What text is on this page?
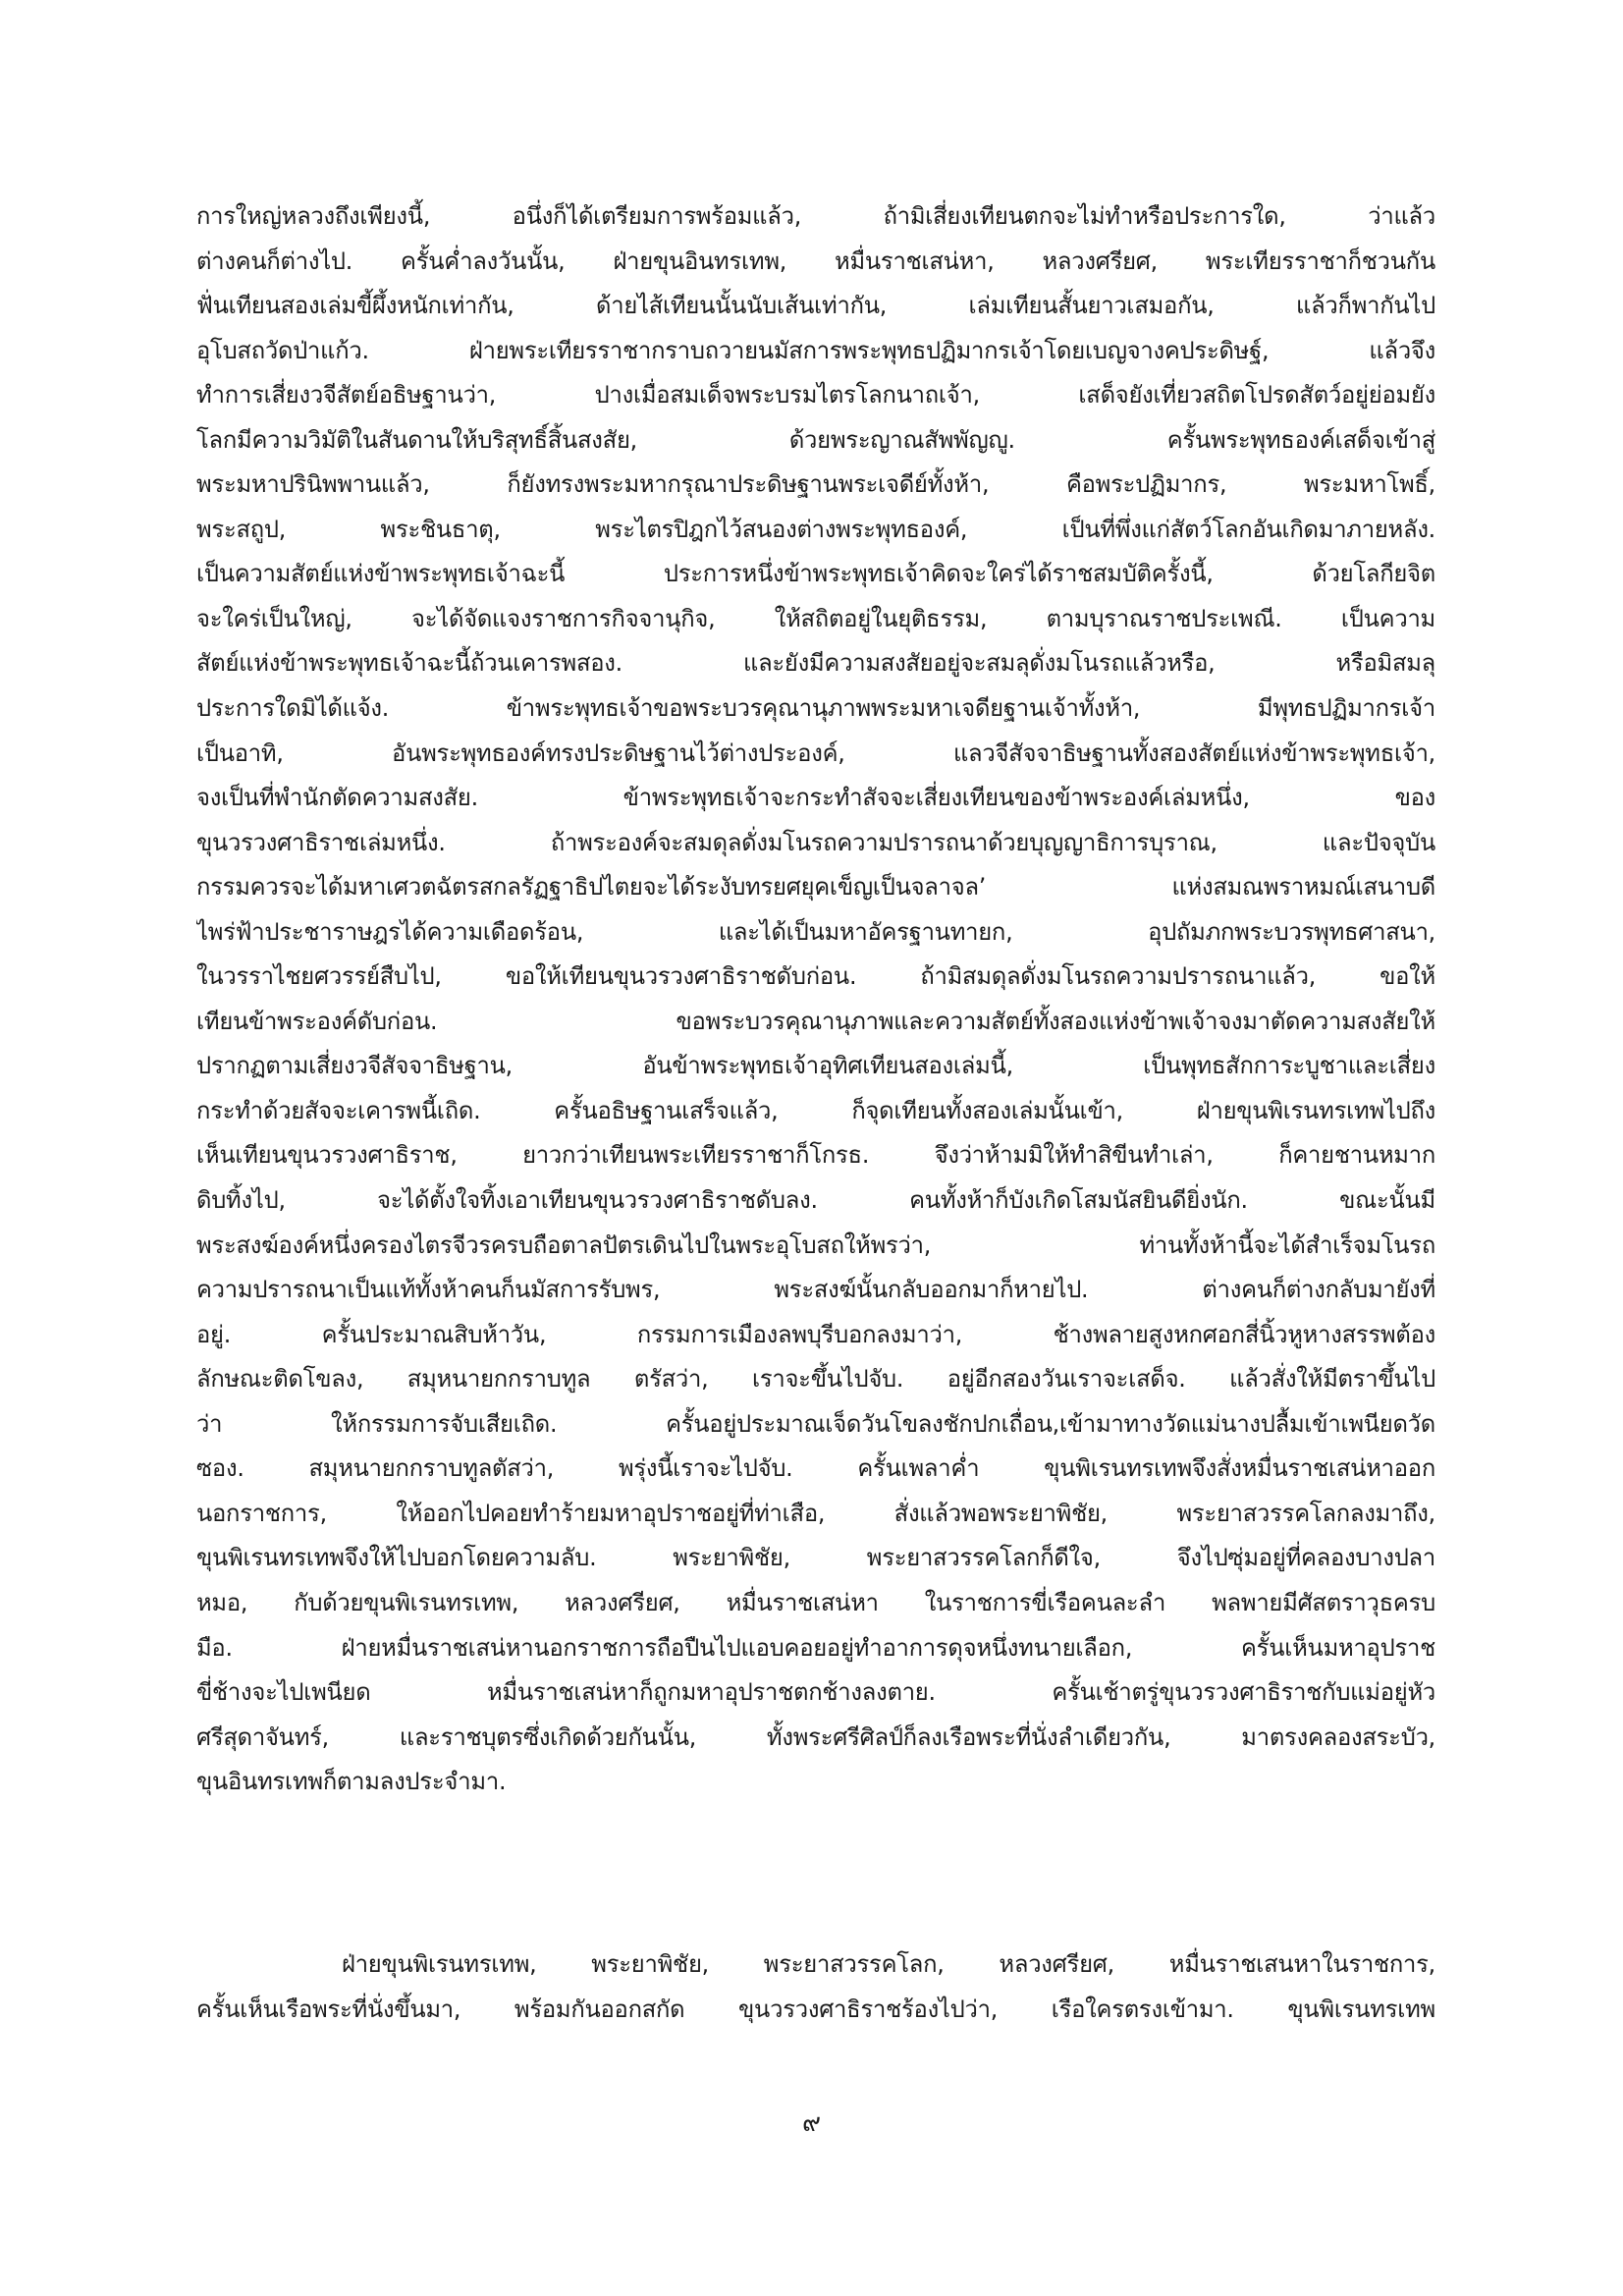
การใหญ่หลวงถึงเพียงนี้, อนึ่งก็ได้เตรียมการพร้อมแล้ว, ถ้ามิเสี่ยงเทียนตกจะไม่ทำหรือประการใด, ว่าแล้ว
ต่างคนก็ต่างไป. ครั้นค่ำลงวันนั้น, ฝ่ายขุนอินทรเทพ, หมื่นราชเสน่หา, หลวงศรียศ, พระเทียรราชาก็ชวนกัน
ฟั่นเทียนสองเล่มขี้ผึ้งหนักเท่ากัน, ด้ายไส้เทียนนั้นนับเส้นเท่ากัน, เล่มเทียนสั้นยาวเสมอกัน, แล้วก็พากันไป
อุโบสถวัดป่าแก้ว. ฝ่ายพระเทียรราชากราบถวายนมัสการพระพุทธปฏิมากรเจ้าโดยเบญจางคประดิษฐ์, แล้วจึง
ทำการเสี่ยงวจีสัตย์อธิษฐานว่า, ปางเมื่อสมเด็จพระบรมไตรโลกนาถเจ้า, เสด็จยังเที่ยวสถิตโปรดสัตว์อยู่ย่อมยัง
โลกมีความวิมัติในสันดานให้บริสุทธิ์สิ้นสงสัย, ด้วยพระญาณสัพพัญญู. ครั้นพระพุทธองค์เสด็จเข้าสู่
พระมหาปรินิพพานแล้ว, ก็ยังทรงพระมหากรุณาประดิษฐานพระเจดีย์ทั้งห้า, คือพระปฏิมากร, พระมหาโพธิ์,
พระสถูป, พระชินธาตุ, พระไตรปิฎกไว้สนองต่างพระพุทธองค์, เป็นที่พึ่งแก่สัตว์โลกอันเกิดมาภายหลัง.
เป็นความสัตย์แห่งข้าพระพุทธเจ้าฉะนี้ ประการหนึ่งข้าพระพุทธเจ้าคิดจะใคร่ได้ราชสมบัติครั้งนี้, ด้วยโลกียจิต
จะใคร่เป็นใหญ่, จะได้จัดแจงราชการกิจจานุกิจ, ให้สถิตอยู่ในยุติธรรม, ตามบุราณราชประเพณี. เป็นความ
สัตย์แห่งข้าพระพุทธเจ้าฉะนี้ถ้วนเคารพสอง. และยังมีความสงสัยอยู่จะสมลุดั่งมโนรถแล้วหรือ, หรือมิสมลุ
ประการใดมิได้แจ้ง. ข้าพระพุทธเจ้าขอพระบวรคุณานุภาพพระมหาเจดียฐานเจ้าทั้งห้า, มีพุทธปฏิมากรเจ้า
เป็นอาทิ, อันพระพุทธองค์ทรงประดิษฐานไว้ต่างประองค์, แลวจีสัจจาธิษฐานทั้งสองสัตย์แห่งข้าพระพุทธเจ้า,
จงเป็นที่พำนักตัดความสงสัย. ข้าพระพุทธเจ้าจะกระทำสัจจะเสี่ยงเทียนของข้าพระองค์เล่มหนึ่ง, ของ
ขุนวรวงศาธิราชเล่มหนึ่ง. ถ้าพระองค์จะสมดุลดั่งมโนรถความปรารถนาด้วยบุญญาธิการบุราณ, และปัจจุบัน
กรรมควรจะได้มหาเศวตฉัตรสกลรัฏฐาธิปไตยจะได้ระงับทรยศยุคเข็ญเป็นจลาจล’ แห่งสมณพราหมณ์เสนาบดี
ไพร่ฟ้าประชาราษฎรได้ความเดือดร้อน, และได้เป็นมหาอัครฐานทายก, อุปถัมภกพระบวรพุทธศาสนา,
ในวรราไชยศวรรย์สืบไป, ขอให้เทียนขุนวรวงศาธิราชดับก่อน. ถ้ามิสมดุลดั่งมโนรถความปรารถนาแล้ว, ขอให้
เทียนข้าพระองค์ดับก่อน. ขอพระบวรคุณานุภาพและความสัตย์ทั้งสองแห่งข้าพเจ้าจงมาตัดความสงสัยให้
ปรากฏตามเสี่ยงวจีสัจจาธิษฐาน, อันข้าพระพุทธเจ้าอุทิศเทียนสองเล่มนี้, เป็นพุทธสักการะบูชาและเสี่ยง
กระทำด้วยสัจจะเคารพนี้เถิด. ครั้นอธิษฐานเสร็จแล้ว, ก็จุดเทียนทั้งสองเล่มนั้นเข้า, ฝ่ายขุนพิเรนทรเทพไปถึง
เห็นเทียนขุนวรวงศาธิราช, ยาวกว่าเทียนพระเทียรราชาก็โกรธ. จึงว่าห้ามมิให้ทำสิขีนทำเล่า, ก็คายชานหมาก
ดิบทิ้งไป, จะได้ตั้งใจทิ้งเอาเทียนขุนวรวงศาธิราชดับลง. คนทั้งห้าก็บังเกิดโสมนัสยินดียิ่งนัก. ขณะนั้นมี
พระสงฆ์องค์หนึ่งครองไตรจีวรครบถือตาลปัตรเดินไปในพระอุโบสถให้พรว่า, ท่านทั้งห้านี้จะได้สำเร็จมโนรถ
ความปรารถนาเป็นแท้ทั้งห้าคนก็นมัสการรับพร, พระสงฆ์นั้นกลับออกมาก็หายไป. ต่างคนก็ต่างกลับมายังที่
อยู่. ครั้นประมาณสิบห้าวัน, กรรมการเมืองลพบุรีบอกลงมาว่า, ช้างพลายสูงหกศอกสี่นิ้วหูหางสรรพต้อง
ลักษณะติดโขลง, สมุหนายกกราบทูล ตรัสว่า, เราจะขึ้นไปจับ. อยู่อีกสองวันเราจะเสด็จ. แล้วสั่งให้มีตราขึ้นไป
ว่า ให้กรรมการจับเสียเถิด. ครั้นอยู่ประมาณเจ็ดวันโขลงชักปกเถื่อน,เข้ามาทางวัดแม่นางปลื้มเข้าเพนียดวัด
ซอง. สมุหนายกกราบทูลตัสว่า, พรุ่งนี้เราจะไปจับ. ครั้นเพลาค่ำ ขุนพิเรนทรเทพจึงสั่งหมื่นราชเสน่หาออก
นอกราชการ, ให้ออกไปคอยทำร้ายมหาอุปราชอยู่ที่ท่าเสือ, สั่งแล้วพอพระยาพิชัย, พระยาสวรรคโลกลงมาถึง,
ขุนพิเรนทรเทพจึงให้ไปบอกโดยความลับ. พระยาพิชัย, พระยาสวรรคโลกก็ดีใจ, จึงไปซุ่มอยู่ที่คลองบางปลา
หมอ, กับด้วยขุนพิเรนทรเทพ, หลวงศรียศ, หมื่นราชเสน่หา ในราชการขี่เรือคนละลำ พลพายมีศัสตราวุธครบ
มือ. ฝ่ายหมื่นราชเสน่หานอกราชการถือปืนไปแอบคอยอยู่ทำอาการดุจหนึ่งทนายเลือก, ครั้นเห็นมหาอุปราช
ขี่ช้างจะไปเพนียด หมื่นราชเสน่หาก็ถูกมหาอุปราชตกช้างลงตาย. ครั้นเช้าตรู่ขุนวรวงศาธิราชกับแม่อยู่หัว
ศรีสุดาจันทร์, และราชบุตรซึ่งเกิดด้วยกันนั้น, ทั้งพระศรีศิลป์ก็ลงเรือพระที่นั่งลำเดียวกัน, มาตรงคลองสระบัว,
ขุนอินทรเทพก็ตามลงประจำมา.
ฝ่ายขุนพิเรนทรเทพ, พระยาพิชัย, พระยาสวรรคโลก, หลวงศรียศ, หมื่นราชเสนหาในราชการ,
ครั้นเห็นเรือพระที่นั่งขึ้นมา, พร้อมกันออกสกัด ขุนวรวงศาธิราชร้องไปว่า, เรือใครตรงเข้ามา. ขุนพิเรนทรเทพ
๙
